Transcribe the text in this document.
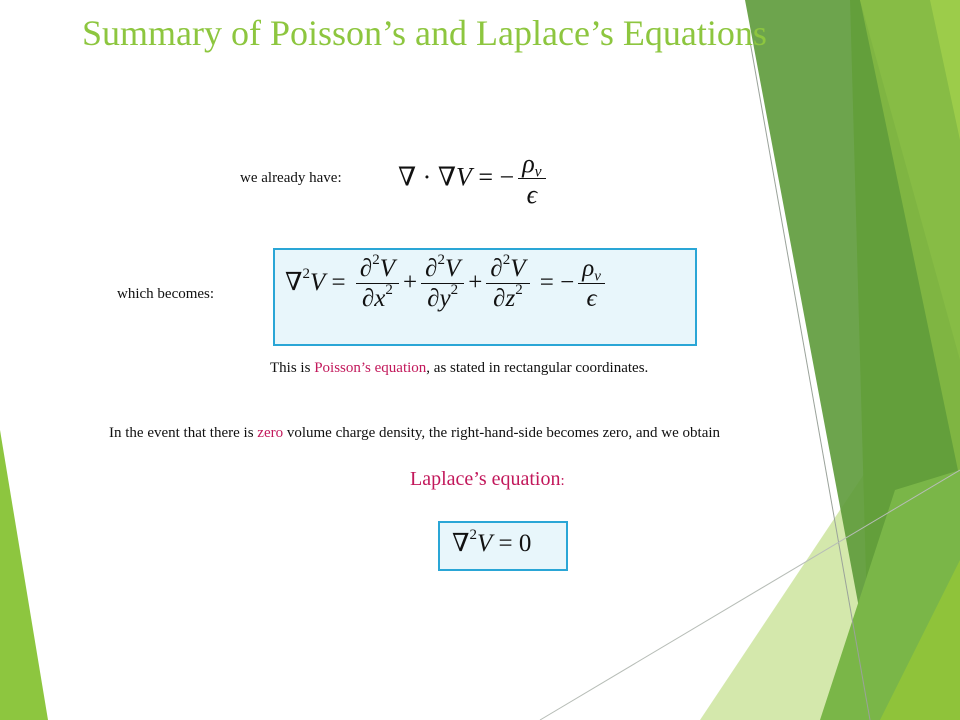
Summary of Poisson’s and Laplace’s Equations
we already have: ∇ · ∇V = − $\frac{\rho_v}{\epsilon}$
which becomes:	$\nabla^2V = \frac{\partial^2V}{\partial x^2} + \frac{\partial^2V}{\partial y^2} + \frac{\partial^2V}{\partial z^2}$ = − $\frac{\rho_v}{\epsilon}$
This is Poisson’s equation, as stated in rectangular coordinates.
In the event that there is zero volume charge density, the right-hand-side becomes zero, and we obtain
Laplace’s equation:
∇$^2$V = 0
